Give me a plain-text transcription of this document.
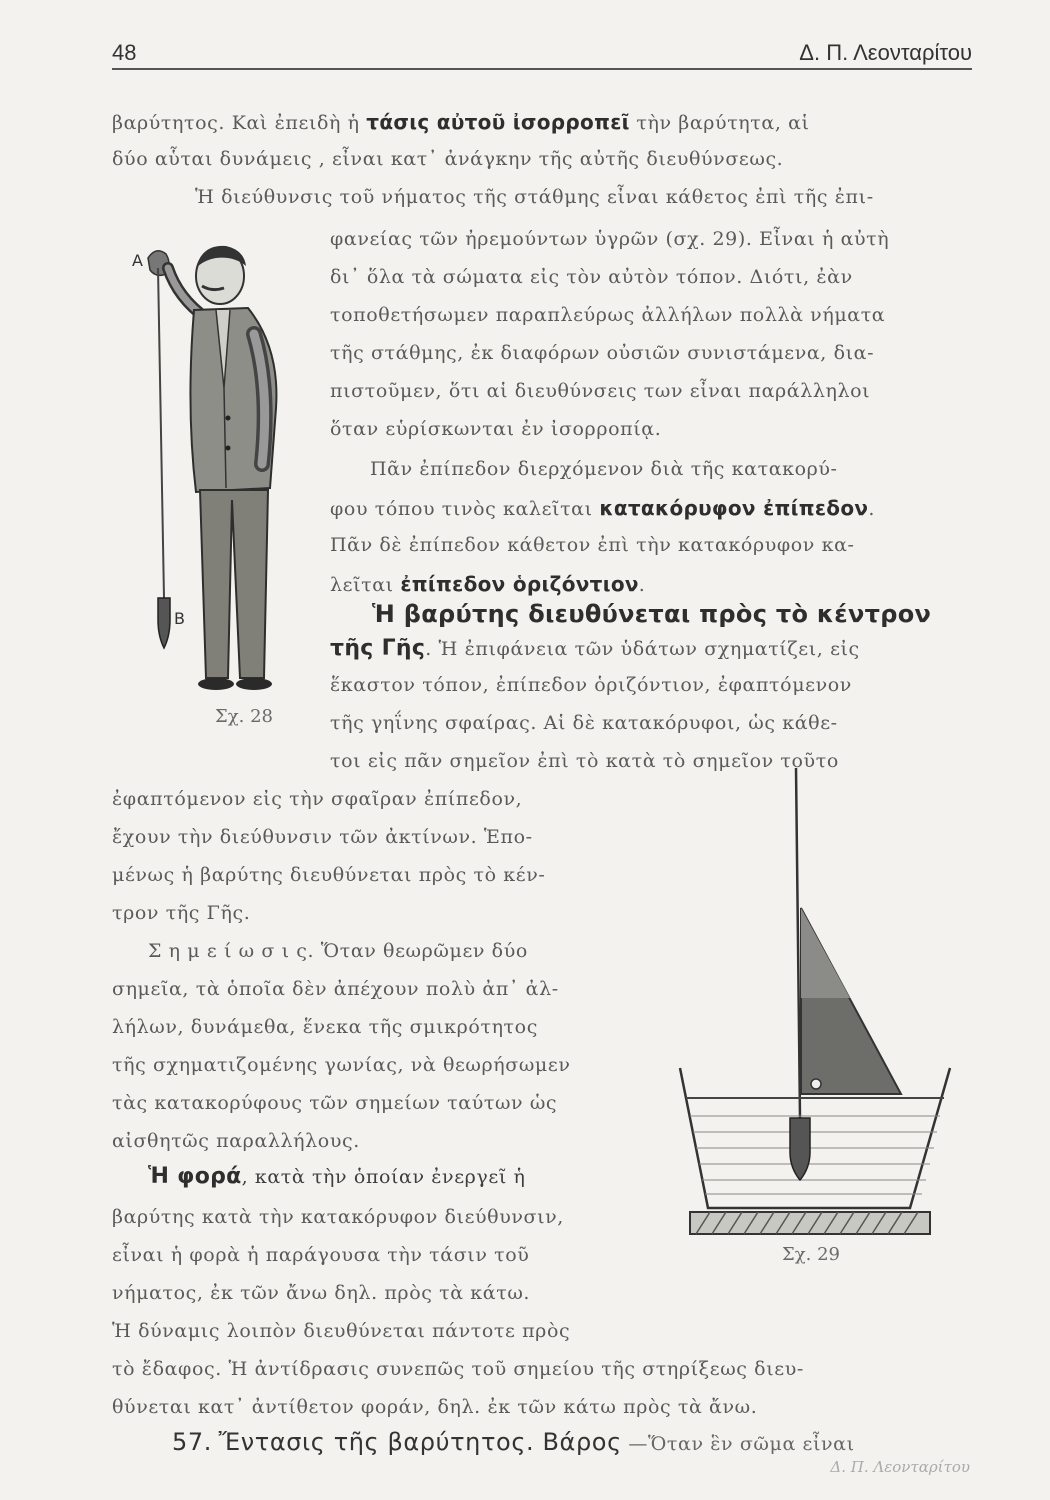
48	Δ. Π. Λεονταρίτου
βαρύτητος. Καὶ ἐπειδὴ ἡ τάσις αὐτοῦ ἰσορροπεῖ τὴν βαρύτητα, αἱ
δύο αὗται δυνάμεις , εἶναι κατ᾽ ἀνάγκην τῆς αὐτῆς διευθύνσεως.
Ἡ διεύθυνσις τοῦ νήματος τῆς στάθμης εἶναι κάθετος ἐπὶ τῆς ἐπι-
φανείας τῶν ἠρεμούντων ὑγρῶν (σχ. 29). Εἶναι ἡ αὐτὴ
δι᾽ ὅλα τὰ σώματα εἰς τὸν αὐτὸν τόπον. Διότι, ἐὰν
τοποθετήσωμεν παραπλεύρως ἀλλήλων πολλὰ νήματα
τῆς στάθμης, ἐκ διαφόρων οὐσιῶν συνιστάμενα, δια-
πιστοῦμεν, ὅτι αἱ διευθύνσεις των εἶναι παράλληλοι
ὅταν εὑρίσκωνται ἐν ἰσορροπίᾳ.
Πᾶν ἐπίπεδον διερχόμενον διὰ τῆς κατακορύ-
φου τόπου τινὸς καλεῖται κατακόρυφον ἐπίπεδον.
Πᾶν δὲ ἐπίπεδον κάθετον ἐπὶ τὴν κατακόρυφον κα-
λεῖται ἐπίπεδον ὁριζόντιον.
Ἡ βαρύτης διευθύνεται πρὸς τὸ κέντρον
τῆς Γῆς. Ἡ ἐπιφάνεια τῶν ὑδάτων σχηματίζει, εἰς
ἕκαστον τόπον, ἐπίπεδον ὁριζόντιον, ἐφαπτόμενον
τῆς γηΐνης σφαίρας. Αἱ δὲ κατακόρυφοι, ὡς κάθε-
τοι εἰς πᾶν σημεῖον ἐπὶ τὸ κατὰ τὸ σημεῖον τοῦτο
ἐφαπτόμενον εἰς τὴν σφαῖραν ἐπίπεδον,
ἔχουν τὴν διεύθυνσιν τῶν ἀκτίνων. Ἑπο-
μένως ἡ βαρύτης διευθύνεται πρὸς τὸ κέν-
τρον τῆς Γῆς.
Σ η μ ε ί ω σ ι ς. Ὅταν θεωρῶμεν δύο
σημεῖα, τὰ ὁποῖα δὲν ἀπέχουν πολὺ ἀπ᾽ ἀλ-
λήλων, δυνάμεθα, ἕνεκα τῆς σμικρότητος
τῆς σχηματιζομένης γωνίας, νὰ θεωρήσωμεν
τὰς κατακορύφους τῶν σημείων ταύτων ὡς
αἰσθητῶς παραλλήλους.
Ἡ φορά, κατὰ τὴν ὁποίαν ἐνεργεῖ ἡ
βαρύτης κατὰ τὴν κατακόρυφον διεύθυνσιν,
εἶναι ἡ φορὰ ἡ παράγουσα τὴν τάσιν τοῦ
νήματος, ἐκ τῶν ἄνω δηλ. πρὸς τὰ κάτω.
Ἡ δύναμις λοιπὸν διευθύνεται πάντοτε πρὸς
τὸ ἔδαφος. Ἡ ἀντίδρασις συνεπῶς τοῦ σημείου τῆς στηρίξεως διευ-
θύνεται κατ᾽ ἀντίθετον φοράν, δηλ. ἐκ τῶν κάτω πρὸς τὰ ἄνω.
57. Ἔντασις τῆς βαρύτητος. Βάρος —Ὅταν ἓν σῶμα εἶναι
Α
Β
Σχ. 28
Σχ. 29
Δ. Π. Λεονταρίτου
